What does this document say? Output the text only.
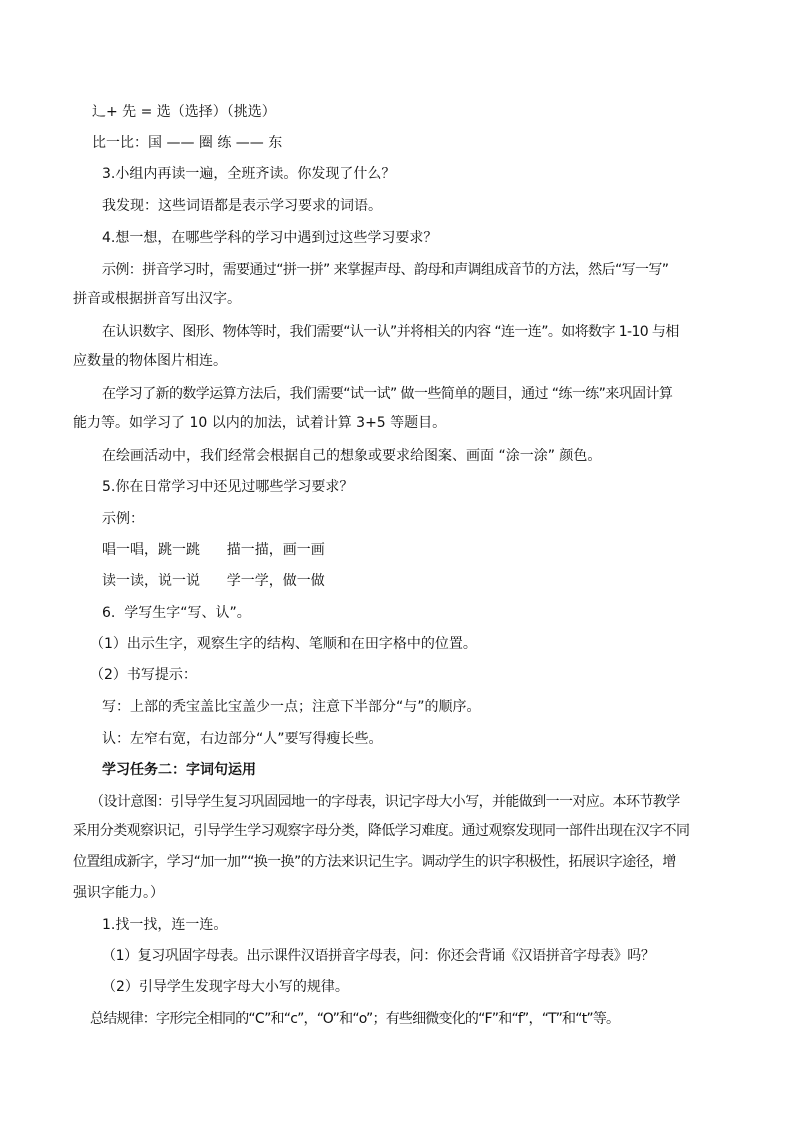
辶+ 先 = 选（选择）（挑选）
比一比：国 —— 圈 练 —— 东
3.小组内再读一遍，全班齐读。你发现了什么？
我发现：这些词语都是表示学习要求的词语。
4.想一想，在哪些学科的学习中遇到过这些学习要求？
示例：拼音学习时，需要通过“拼一拼” 来掌握声母、韵母和声调组成音节的方法，然后“写一写”
拼音或根据拼音写出汉字。
在认识数字、图形、物体等时，我们需要“认一认”并将相关的内容 “连一连”。如将数字 1-10 与相
应数量的物体图片相连。
在学习了新的数学运算方法后，我们需要“试一试” 做一些简单的题目，通过 “练一练”来巩固计算
能力等。如学习了 10 以内的加法，试着计算 3+5 等题目。
在绘画活动中，我们经常会根据自己的想象或要求给图案、画面 “涂一涂” 颜色。
5.你在日常学习中还见过哪些学习要求？
示例：
唱一唱，跳一跳      描一描，画一画
读一读，说一说      学一学，做一做
6.  学写生字“写、认”。
（1）出示生字，观察生字的结构、笔顺和在田字格中的位置。
（2）书写提示：
写：上部的秃宝盖比宝盖少一点；注意下半部分“与”的顺序。
认：左窄右宽，右边部分“人”要写得瘦长些。
学习任务二：字词句运用
（设计意图：引导学生复习巩固园地一的字母表，识记字母大小写，并能做到一一对应。本环节教学
采用分类观察识记，引导学生学习观察字母分类，降低学习难度。通过观察发现同一部件出现在汉字不同
位置组成新字，学习“加一加”“换一换”的方法来识记生字。调动学生的识字积极性，拓展识字途径，增
强识字能力。）
1.找一找，连一连。
（1）复习巩固字母表。出示课件汉语拼音字母表，问：你还会背诵《汉语拼音字母表》吗？
（2）引导学生发现字母大小写的规律。
总结规律：字形完全相同的“C”和“c”，“O”和“o”；有些细微变化的“F”和“f”，“T”和“t”等。
